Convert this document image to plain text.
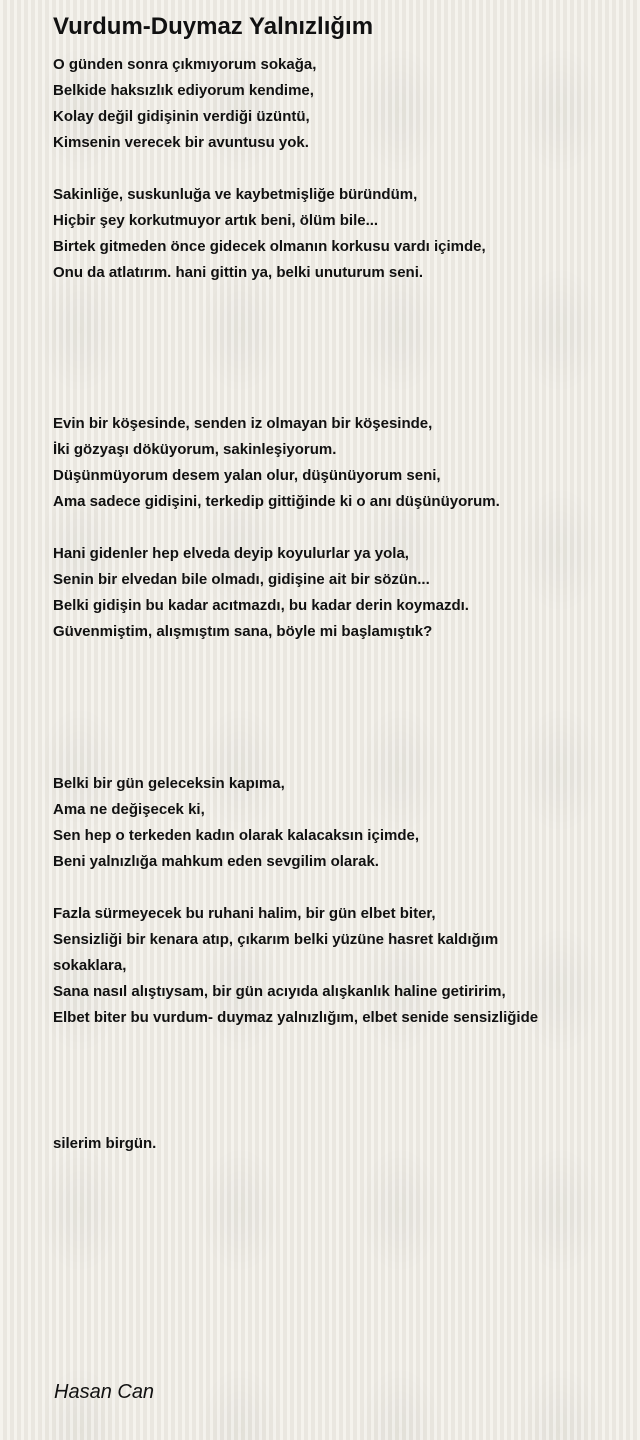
Vurdum-Duymaz Yalnızlığım
O günden sonra çıkmıyorum sokağa,
Belkide haksızlık ediyorum kendime,
Kolay değil gidişinin verdiği üzüntü,
Kimsenin verecek bir avuntusu yok.
Sakinliğe, suskunluğa ve kaybetmişliğe büründüm,
Hiçbir şey korkutmuyor artık beni, ölüm bile...
Birtek gitmeden önce gidecek olmanın korkusu vardı içimde,
Onu da atlatırım. hani gittin ya, belki unuturum seni.
Evin bir köşesinde, senden iz olmayan bir köşesinde,
İki gözyaşı döküyorum, sakinleşiyorum.
Düşünmüyorum desem yalan olur, düşünüyorum seni,
Ama sadece gidişini, terkedip gittiğinde ki o anı düşünüyorum.
Hani gidenler hep elveda deyip koyulurlar ya yola,
Senin bir elvedan bile olmadı, gidişine ait bir sözün...
Belki gidişin bu kadar acıtmazdı, bu kadar derin koymazdı.
Güvenmiştim, alışmıştım sana, böyle mi başlamıştık?
Belki bir gün geleceksin kapıma,
Ama ne değişecek ki,
Sen hep o terkeden kadın olarak kalacaksın içimde,
Beni yalnızlığa mahkum eden sevgilim olarak.
Fazla sürmeyecek bu ruhani halim, bir gün elbet biter,
Sensizliği bir kenara atıp, çıkarım belki yüzüne hasret kaldığım
sokaklara,
Sana nasıl alıştıysam, bir gün acıyıda alışkanlık haline getiririm,
Elbet biter bu vurdum- duymaz yalnızlığım, elbet senide sensizliğide
silerim birgün.
Hasan Can
